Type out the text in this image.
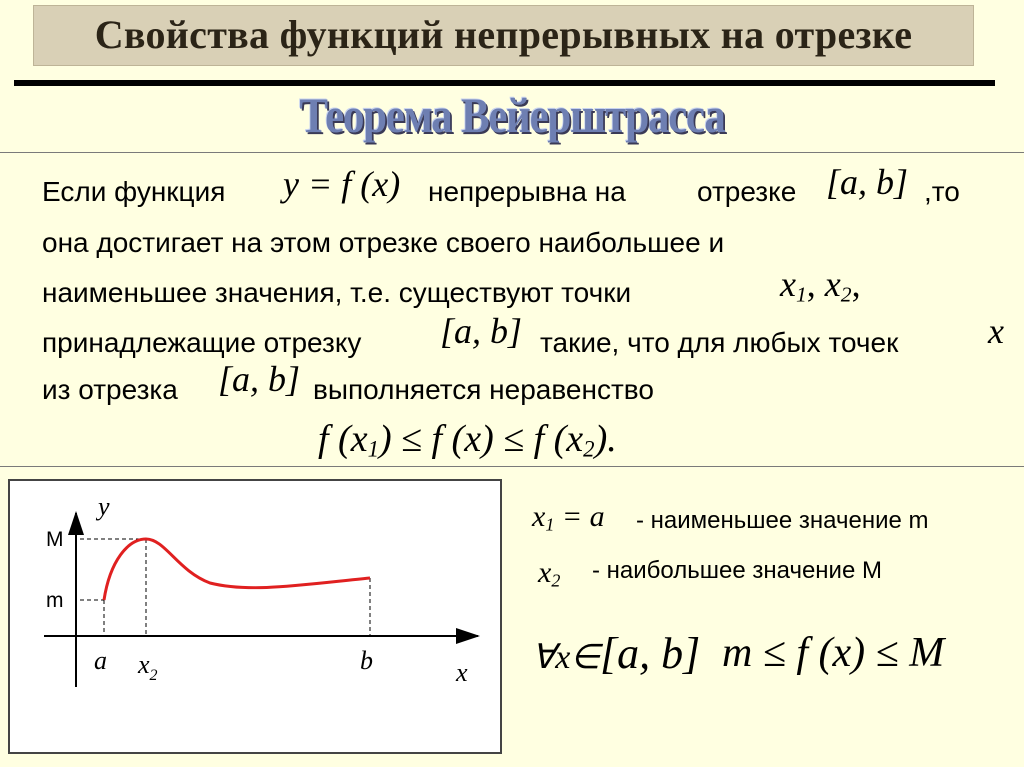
Свойства функций непрерывных на отрезке
Теорема Вейерштрасса
Если функция y = f (x) непрерывна на	отрезке [a, b] ,то
она достигает на этом отрезке своего наибольшее и
наименьшее значения, т.е. существуют точки	$x_1$, $x_2$,
принадлежащие отрезку [a, b] такие, что для любых точек x
из отрезка [a, b] выполняется неравенство
f $(x_1) \le f$ (x) ≤ f $(x_2)$.
y
x
M
m
a $x_2$
b
$x_1 = a$ - наименьшее значение m
$x_2$ - наибольшее значение M
∀x∈[a, b] m ≤ f (x) ≤ M
